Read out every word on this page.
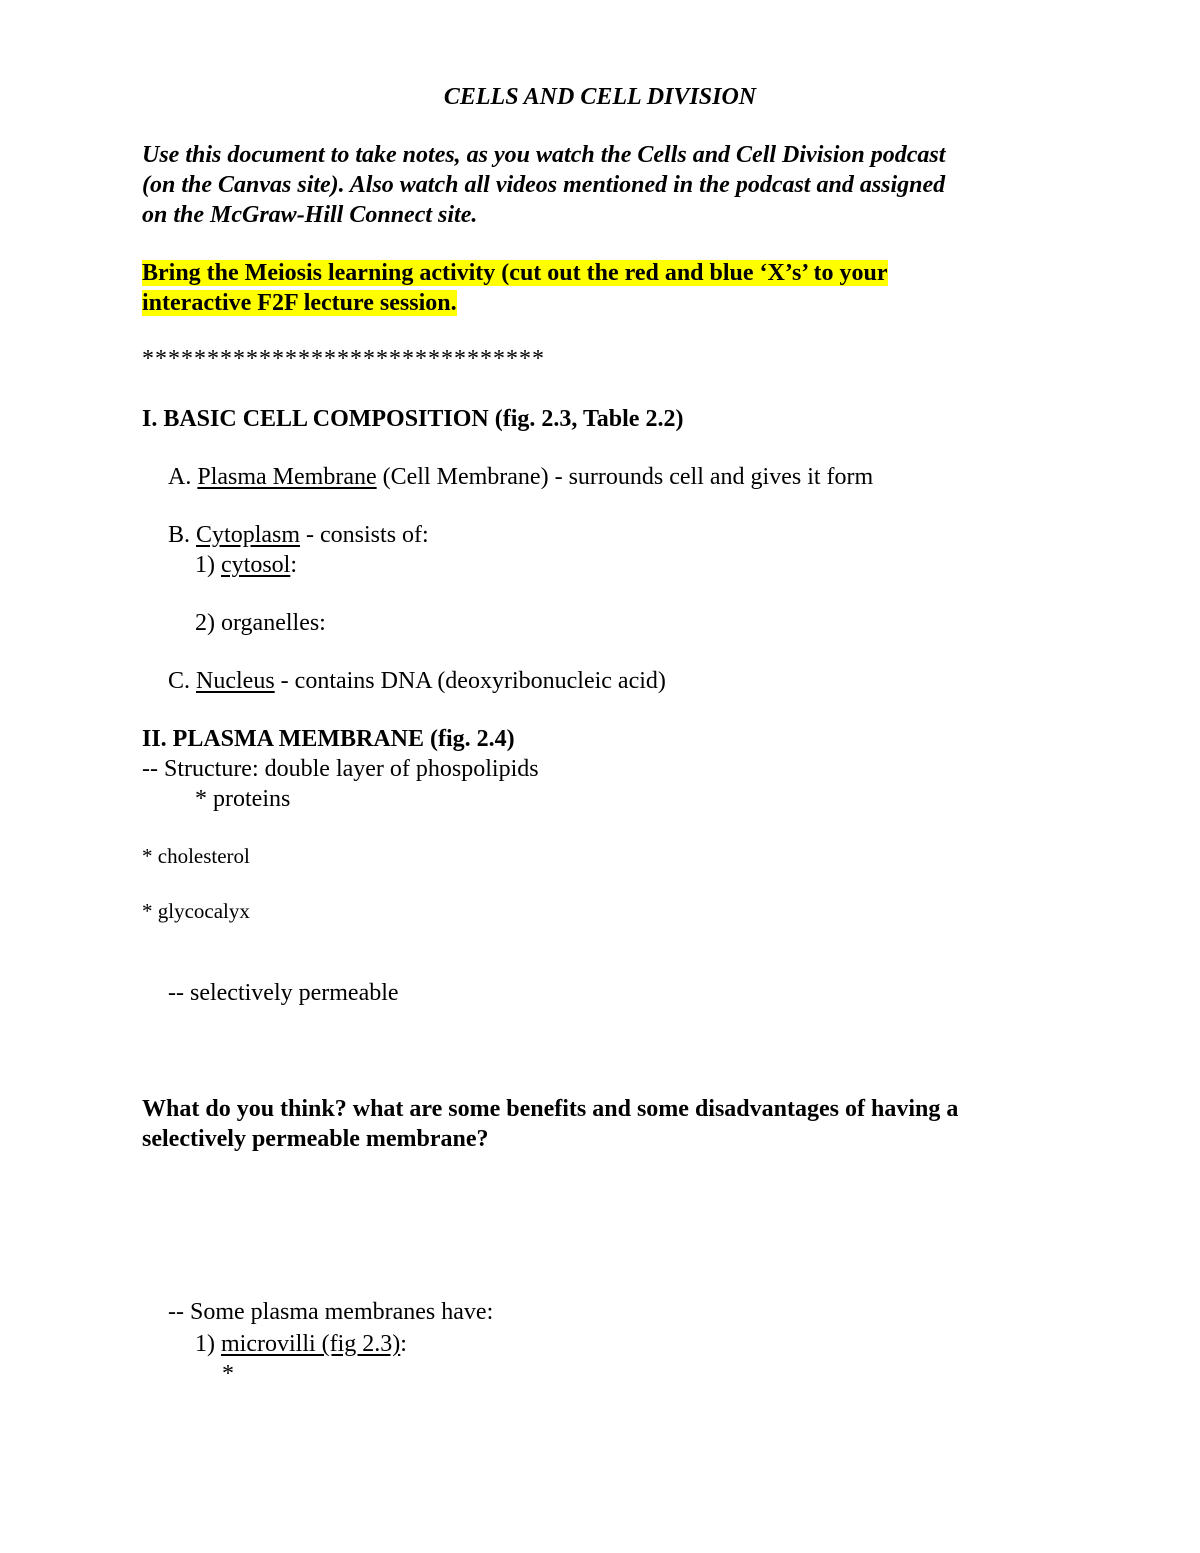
CELLS AND CELL DIVISION
Use this document to take notes, as you watch the Cells and Cell Division podcast
(on the Canvas site). Also watch all videos mentioned in the podcast and assigned
on the McGraw-Hill Connect site.
Bring the Meiosis learning activity (cut out the red and blue ‘X’s’ to your
interactive F2F lecture session.
*******************************
I. BASIC CELL COMPOSITION (fig. 2.3, Table 2.2)
A. Plasma Membrane (Cell Membrane) - surrounds cell and gives it form
B. Cytoplasm - consists of:
1) cytosol:
2) organelles:
C. Nucleus - contains DNA (deoxyribonucleic acid)
II. PLASMA MEMBRANE (fig. 2.4)
-- Structure: double layer of phospolipids
* proteins
* cholesterol
* glycocalyx
-- selectively permeable
What do you think? what are some benefits and some disadvantages of having a
selectively permeable membrane?
-- Some plasma membranes have:
1) microvilli (fig 2.3):
*
